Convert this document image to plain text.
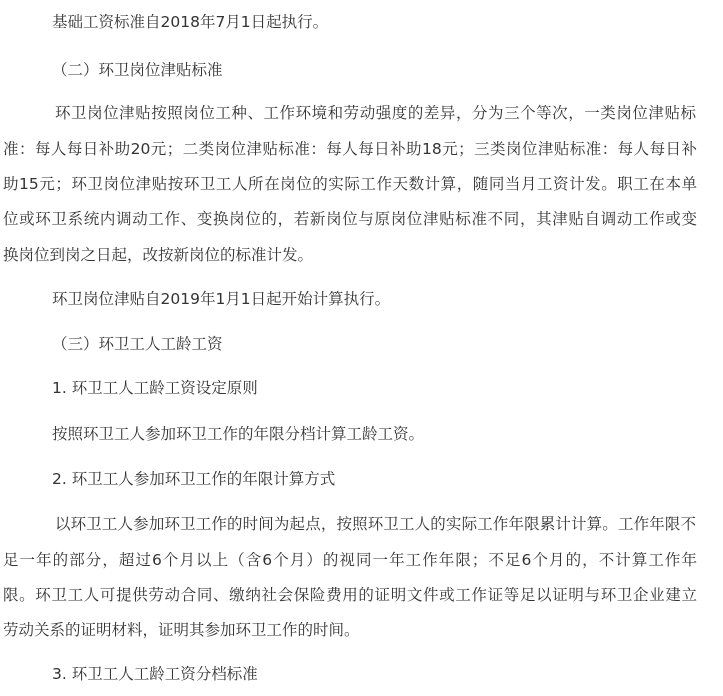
基础工资标准自2018年7月1日起执行。

（二）环卫岗位津贴标准

环卫岗位津贴按照岗位工种、工作环境和劳动强度的差异，分为三个等次，一类岗位津贴标

准：每人每日补助20元；二类岗位津贴标准：每人每日补助18元；三类岗位津贴标准：每人每日补

助15元；环卫岗位津贴按环卫工人所在岗位的实际工作天数计算，随同当月工资计发。职工在本单

位或环卫系统内调动工作、变换岗位的，若新岗位与原岗位津贴标准不同，其津贴自调动工作或变

换岗位到岗之日起，改按新岗位的标准计发。

环卫岗位津贴自2019年1月1日起开始计算执行。

（三）环卫工人工龄工资

1. 环卫工人工龄工资设定原则

按照环卫工人参加环卫工作的年限分档计算工龄工资。

2. 环卫工人参加环卫工作的年限计算方式

以环卫工人参加环卫工作的时间为起点，按照环卫工人的实际工作年限累计计算。工作年限不

足一年的部分，超过6个月以上（含6个月）的视同一年工作年限；不足6个月的，不计算工作年

限。环卫工人可提供劳动合同、缴纳社会保险费用的证明文件或工作证等足以证明与环卫企业建立

劳动关系的证明材料，证明其参加环卫工作的时间。

3. 环卫工人工龄工资分档标准
